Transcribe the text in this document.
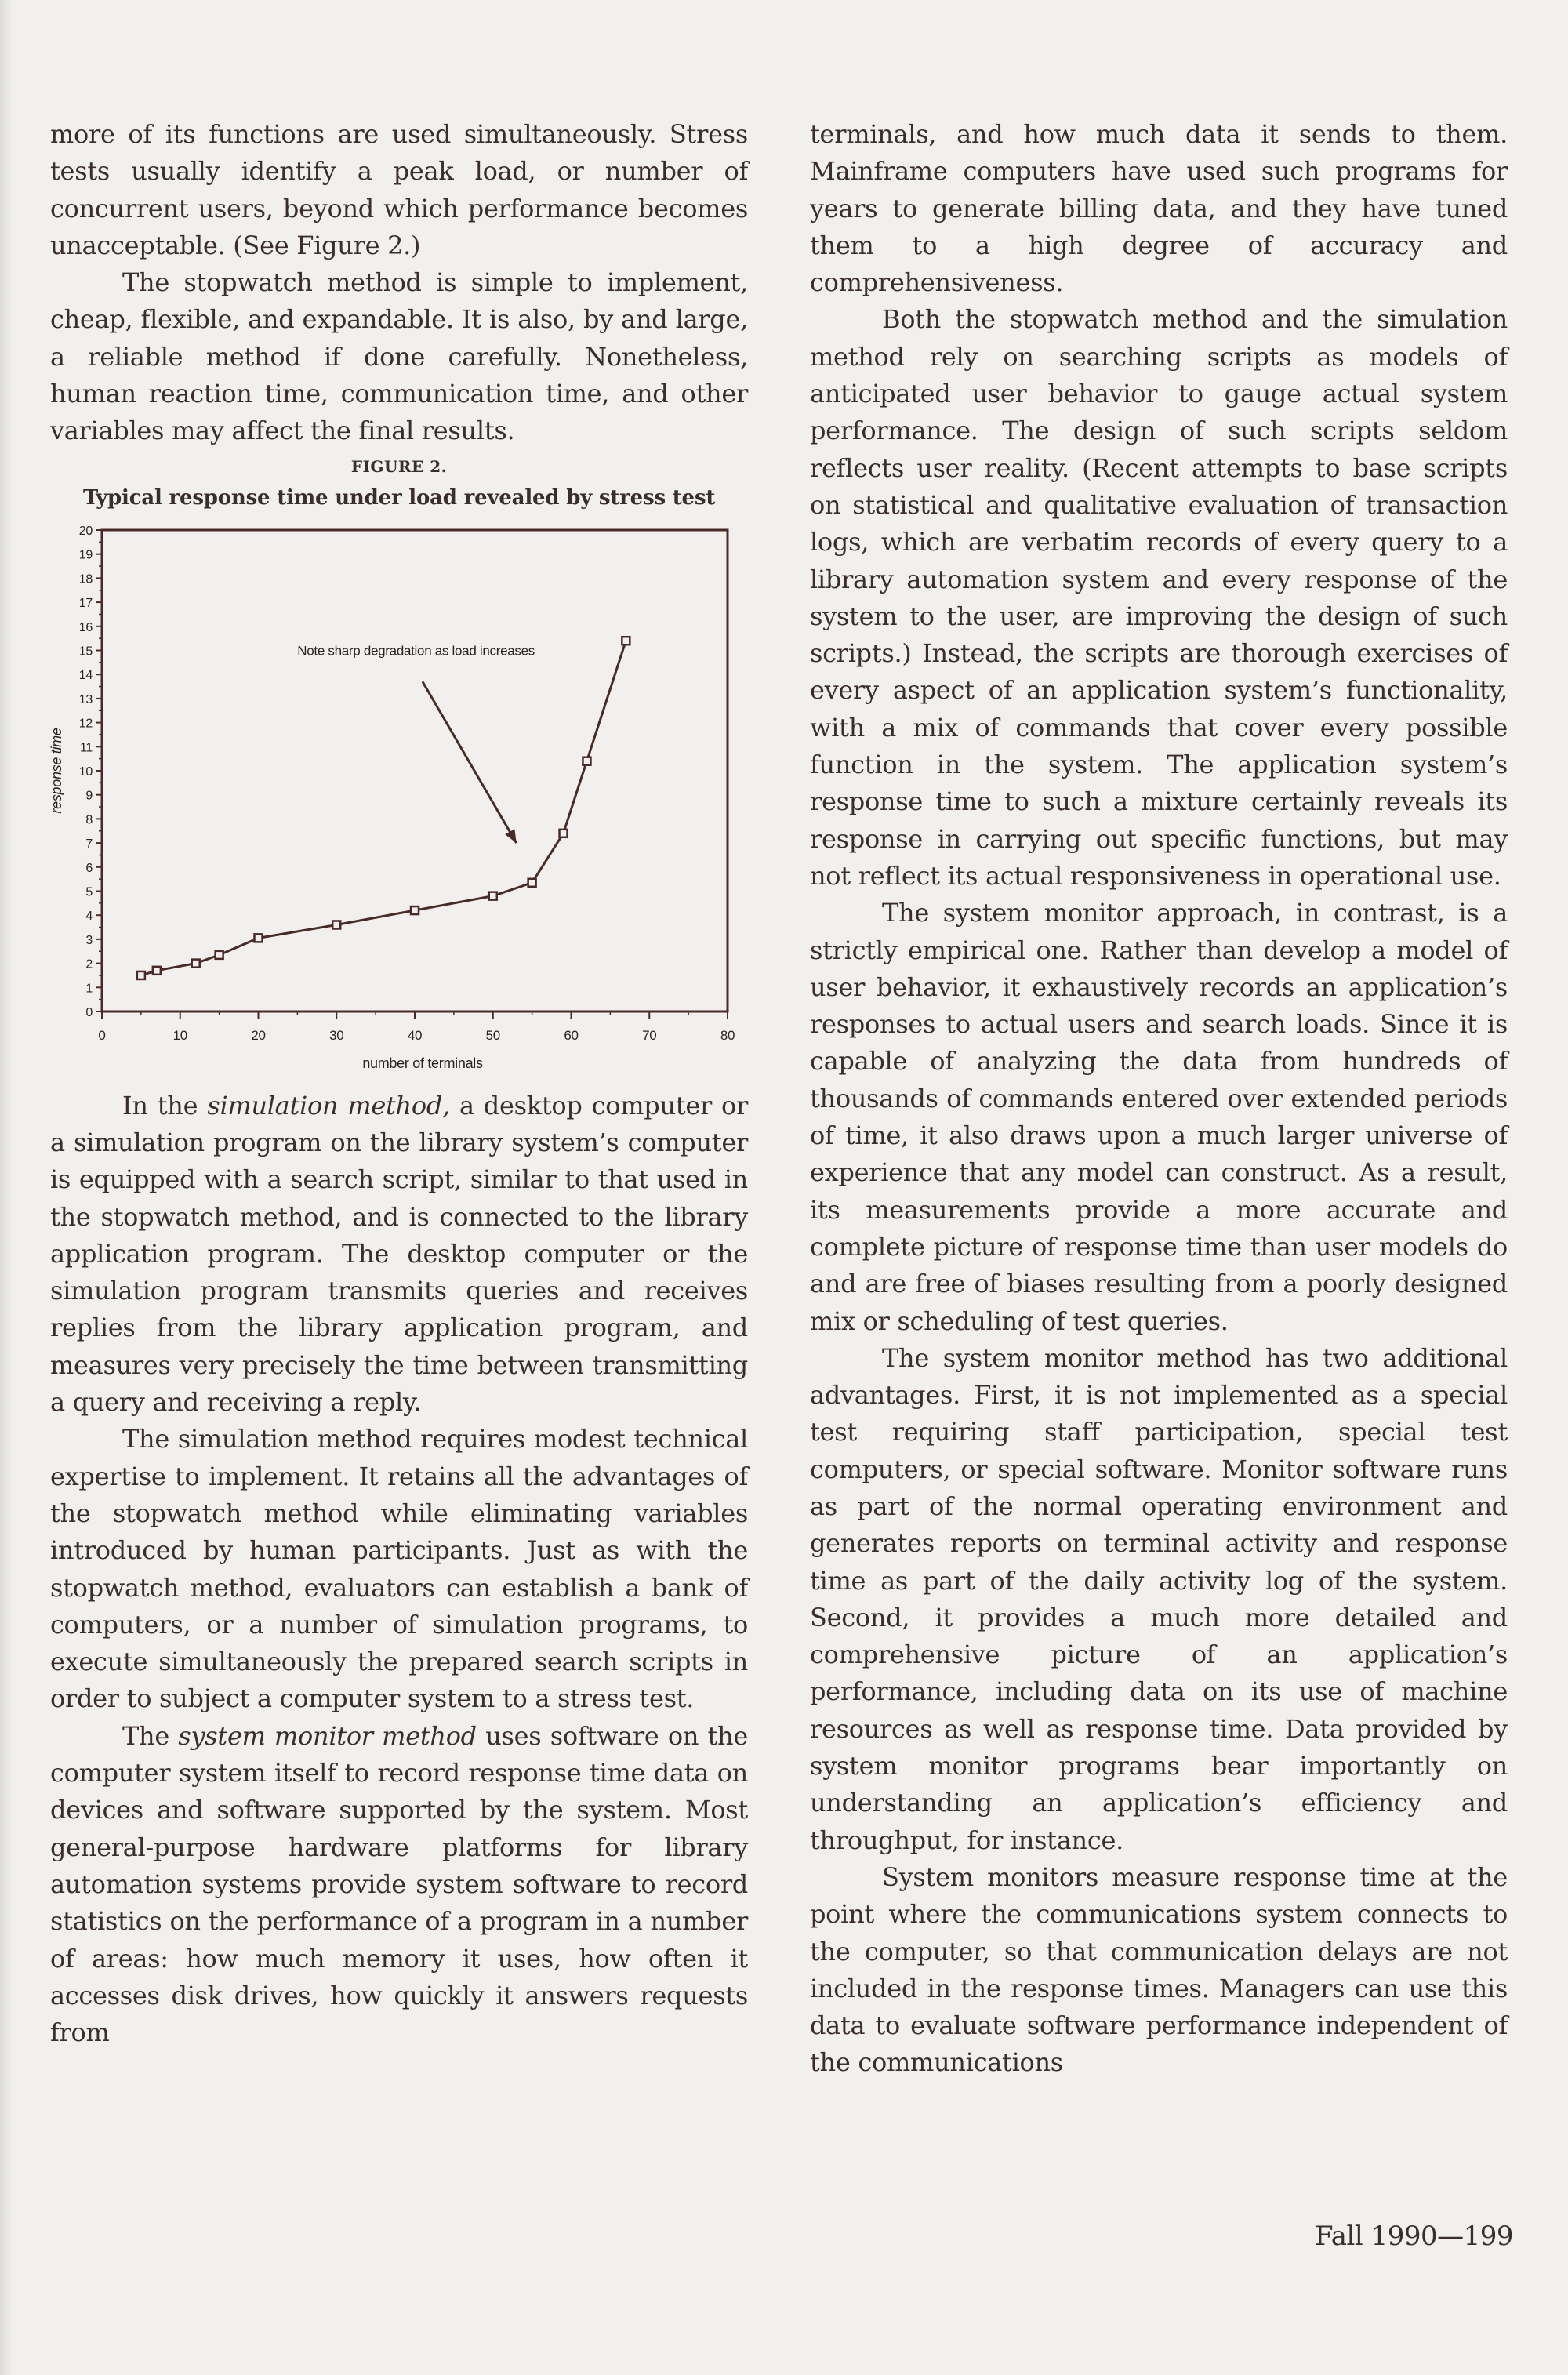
more of its functions are used simultaneously. Stress tests usually identify a peak load, or number of concurrent users, beyond which performance becomes unacceptable. (See Figure 2.)

The stopwatch method is simple to implement, cheap, flexible, and expandable. It is also, by and large, a reliable method if done carefully. Nonetheless, human reaction time, communication time, and other variables may affect the final results.

FIGURE 2.
Typical response time under load revealed by stress test
0
1
2
3
4
5
6
7
8
9
10
11
12
13
14
15
16
17
18
19
20
0	10	20	30	40	50	60	70	80
number of terminals
response time
Note sharp degradation as load increases

In the simulation method, a desktop computer or a simulation program on the library system’s computer is equipped with a search script, similar to that used in the stopwatch method, and is connected to the library application program. The desktop computer or the simulation program transmits queries and receives replies from the library application program, and measures very precisely the time between transmitting a query and receiving a reply.

The simulation method requires modest technical expertise to implement. It retains all the advantages of the stopwatch method while eliminating variables introduced by human participants. Just as with the stopwatch method, evaluators can establish a bank of computers, or a number of simulation programs, to execute simultaneously the prepared search scripts in order to subject a computer system to a stress test.

The system monitor method uses software on the computer system itself to record response time data on devices and software supported by the system. Most general-purpose hardware platforms for library automation systems provide system software to record statistics on the performance of a program in a number of areas: how much memory it uses, how often it accesses disk drives, how quickly it answers requests from

terminals, and how much data it sends to them. Mainframe computers have used such programs for years to generate billing data, and they have tuned them to a high degree of accuracy and comprehensiveness.

Both the stopwatch method and the simulation method rely on searching scripts as models of anticipated user behavior to gauge actual system performance. The design of such scripts seldom reflects user reality. (Recent attempts to base scripts on statistical and qualitative evaluation of transaction logs, which are verbatim records of every query to a library automation system and every response of the system to the user, are improving the design of such scripts.) Instead, the scripts are thorough exercises of every aspect of an application system’s functionality, with a mix of commands that cover every possible function in the system. The application system’s response time to such a mixture certainly reveals its response in carrying out specific functions, but may not reflect its actual responsiveness in operational use.

The system monitor approach, in contrast, is a strictly empirical one. Rather than develop a model of user behavior, it exhaustively records an application’s responses to actual users and search loads. Since it is capable of analyzing the data from hundreds of thousands of commands entered over extended periods of time, it also draws upon a much larger universe of experience that any model can construct. As a result, its measurements provide a more accurate and complete picture of response time than user models do and are free of biases resulting from a poorly designed mix or scheduling of test queries.

The system monitor method has two additional advantages. First, it is not implemented as a special test requiring staff participation, special test computers, or special software. Monitor software runs as part of the normal operating environment and generates reports on terminal activity and response time as part of the daily activity log of the system. Second, it provides a much more detailed and comprehensive picture of an application’s performance, including data on its use of machine resources as well as response time. Data provided by system monitor programs bear importantly on understanding an application’s efficiency and throughput, for instance.

System monitors measure response time at the point where the communications system connects to the computer, so that communication delays are not included in the response times. Managers can use this data to evaluate software performance independent of the communications

Fall 1990—199
